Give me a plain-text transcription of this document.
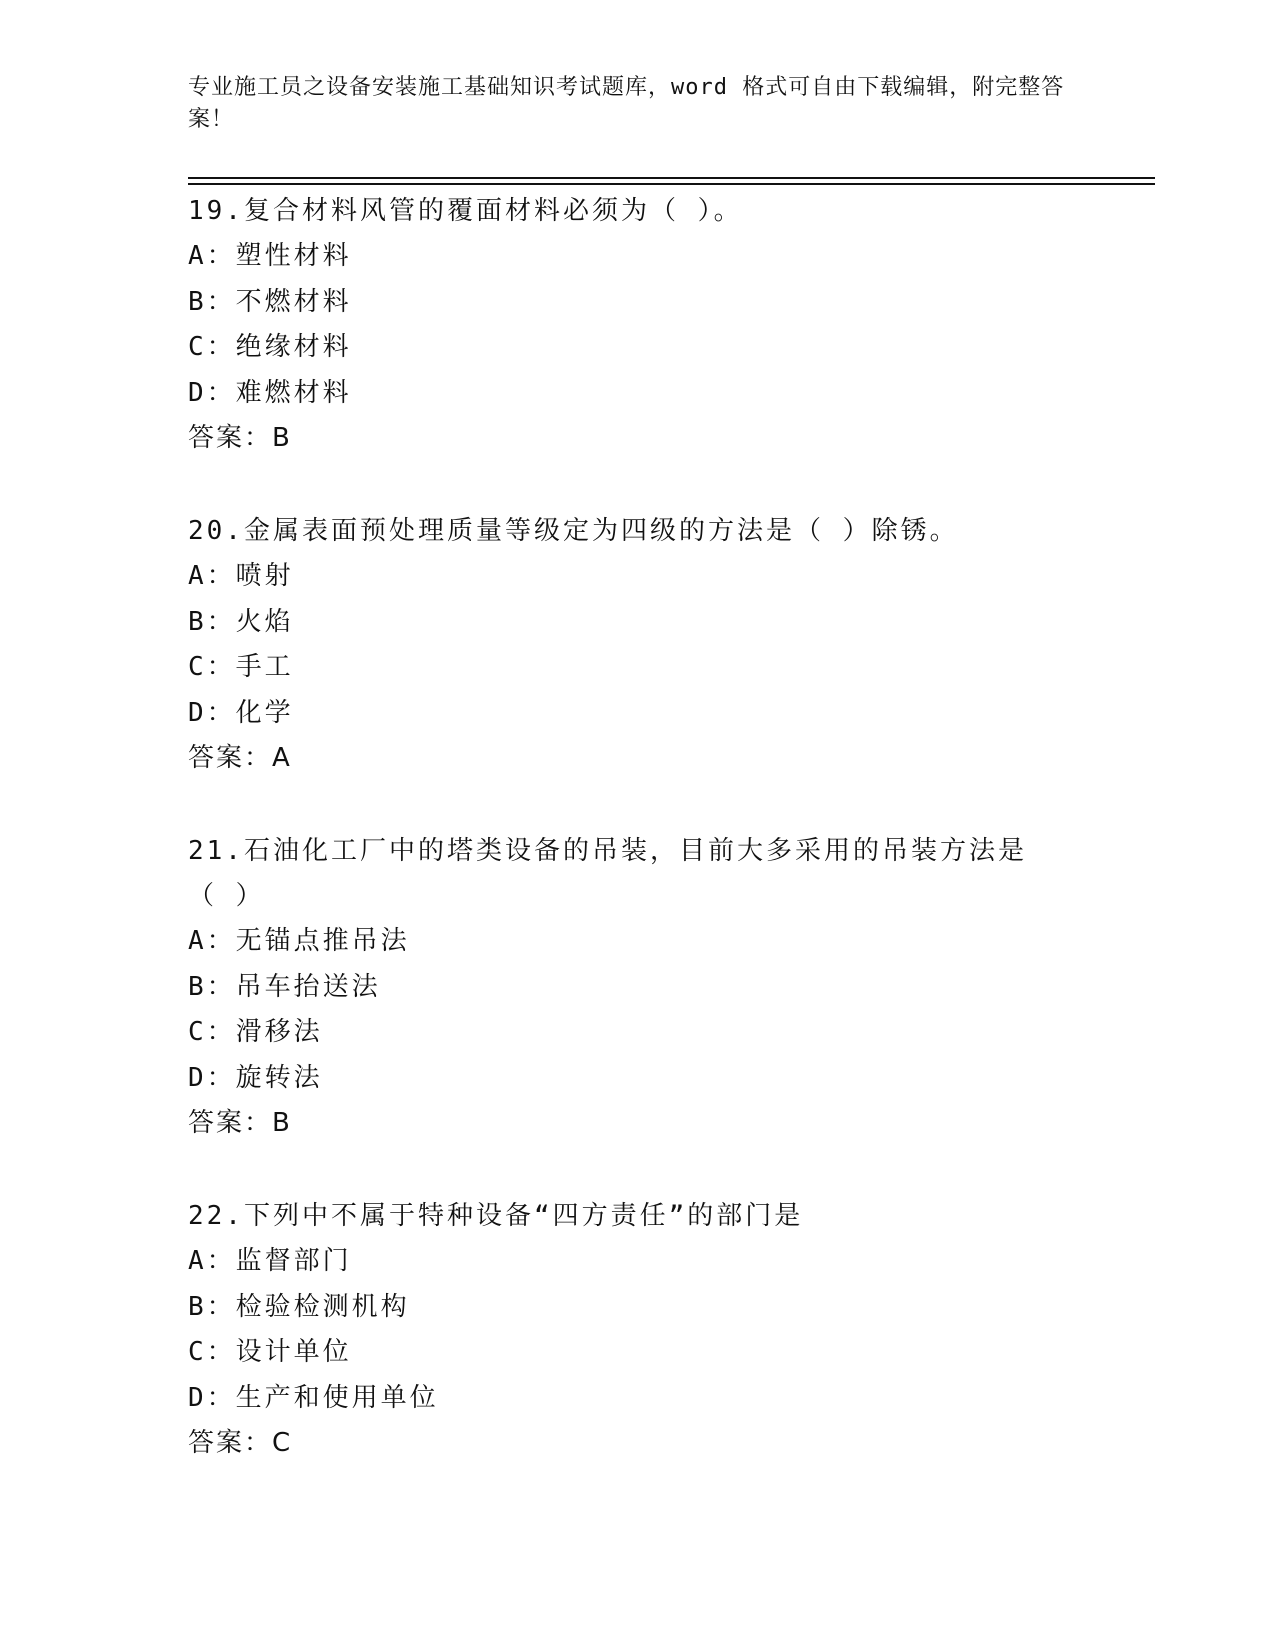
专业施工员之设备安装施工基础知识考试题库，word 格式可自由下载编辑，附完整答案！
19.复合材料风管的覆面材料必须为（ ）。
A：塑性材料
B：不燃材料
C：绝缘材料
D：难燃材料
答案：B
20.金属表面预处理质量等级定为四级的方法是（ ）除锈。
A：喷射
B：火焰
C：手工
D：化学
答案：A
21.石油化工厂中的塔类设备的吊装，目前大多采用的吊装方法是（ ）
A：无锚点推吊法
B：吊车抬送法
C：滑移法
D：旋转法
答案：B
22.下列中不属于特种设备“四方责任”的部门是
A：监督部门
B：检验检测机构
C：设计单位
D：生产和使用单位
答案：C
